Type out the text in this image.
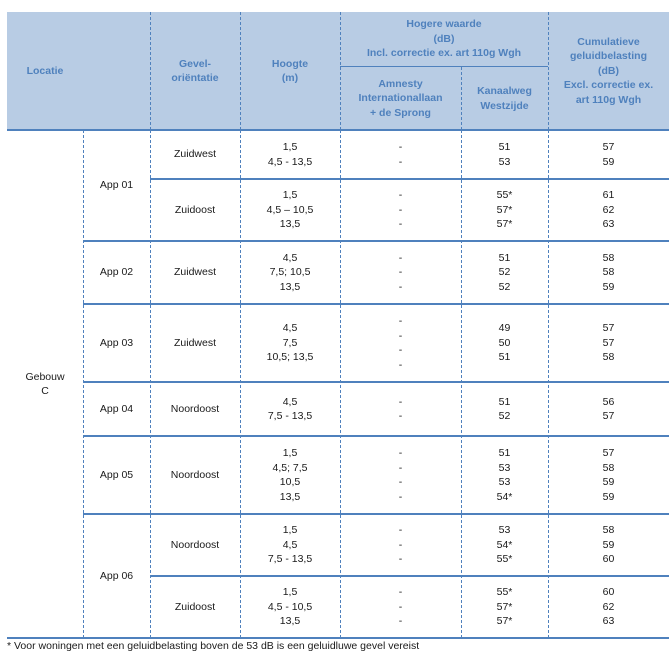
Locatie
Gevel-
oriëntatie
Hoogte
(m)
Hogere waarde
(dB)
Incl. correctie ex. art 110g Wgh
Amnesty
Internationallaan
+ de Sprong
Kanaalweg
Westzijde
Cumulatieve
geluidbelasting
(dB)
Excl. correctie ex.
art 110g Wgh
Gebouw
C
App 01
App 02
App 03
App 04
App 05
App 06
Zuidwest
1,5
4,5 - 13,5
-
-
51
53
57
59
Zuidoost
1,5
4,5 – 10,5
13,5
-
-
-
55*
57*
57*
61
62
63
Zuidwest
4,5
7,5; 10,5
13,5
-
-
-
51
52
52
58
58
59
Zuidwest
4,5
7,5
10,5; 13,5
-
-
-
-
49
50
51
57
57
58
Noordoost
4,5
7,5 - 13,5
-
-
51
52
56
57
Noordoost
1,5
4,5; 7,5
10,5
13,5
-
-
-
-
51
53
53
54*
57
58
59
59
Noordoost
1,5
4,5
7,5 - 13,5
-
-
-
53
54*
55*
58
59
60
Zuidoost
1,5
4,5 - 10,5
13,5
-
-
-
55*
57*
57*
60
62
63
* Voor woningen met een geluidbelasting boven de 53 dB is een geluidluwe gevel vereist
